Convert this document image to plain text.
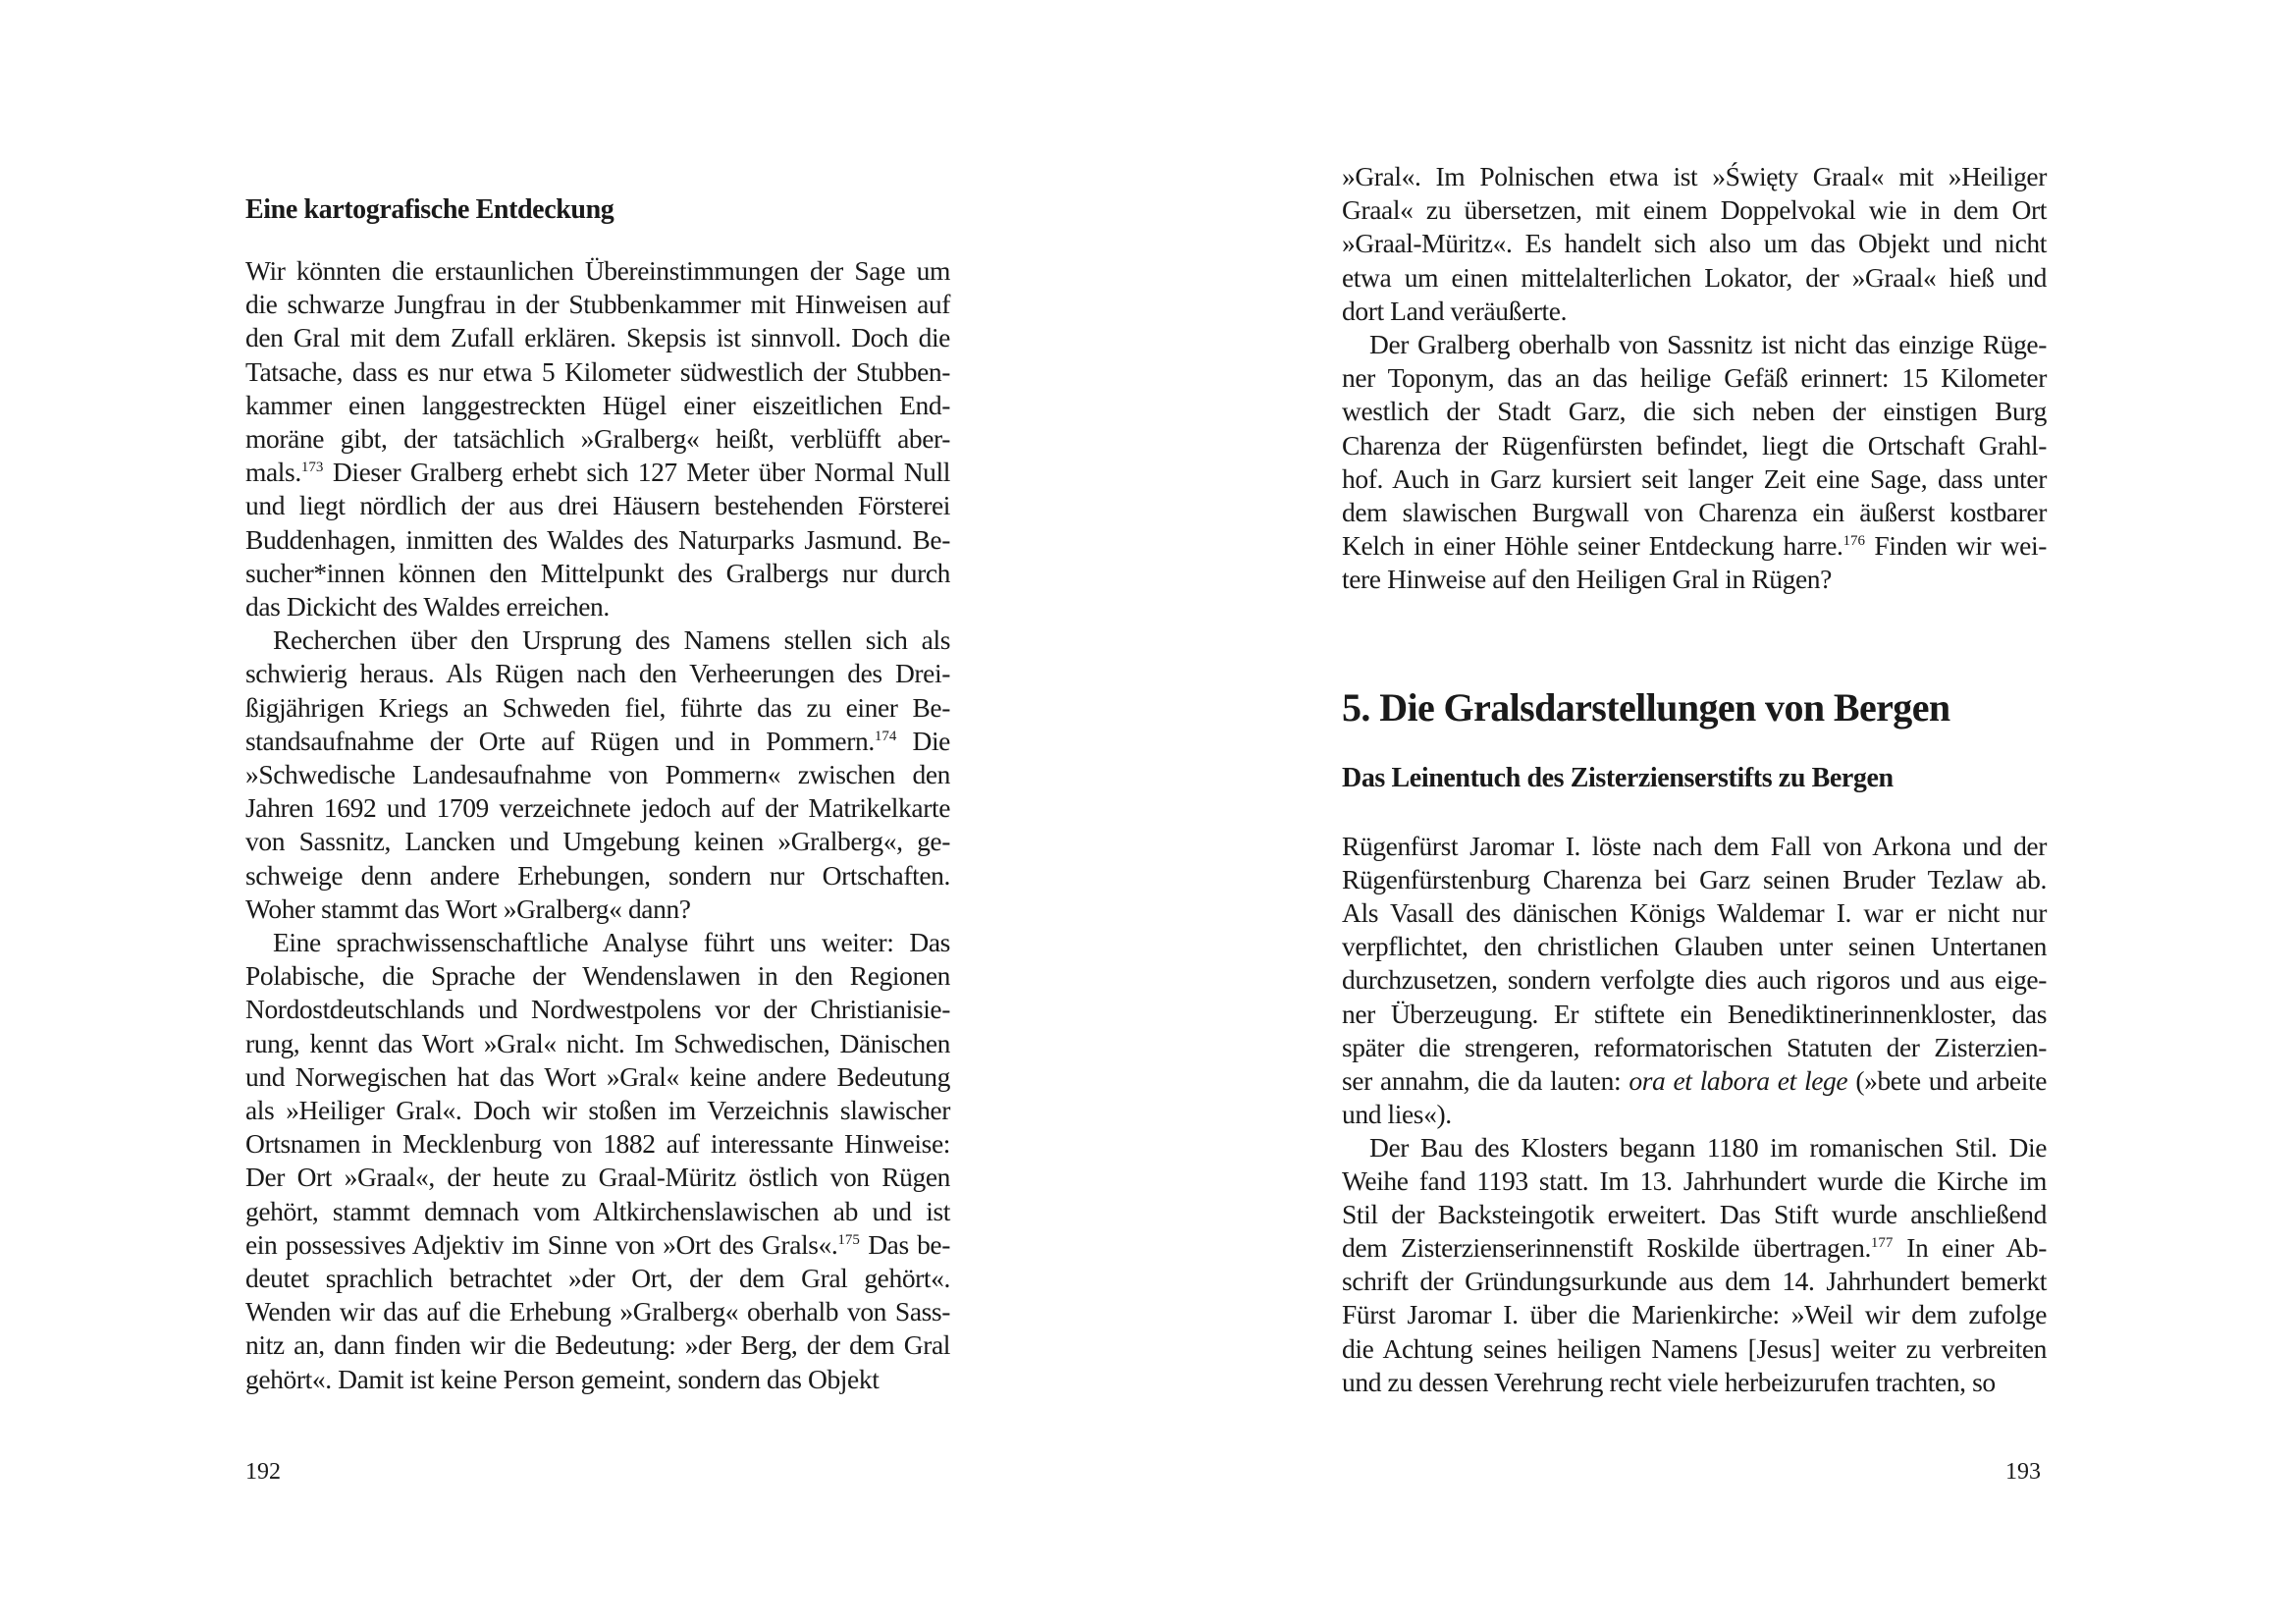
Eine kartografische Entdeckung
Wir könnten die erstaunlichen Übereinstimmungen der Sage um
die schwarze Jungfrau in der Stubbenkammer mit Hinweisen auf
den Gral mit dem Zufall erklären. Skepsis ist sinnvoll. Doch die
Tatsache, dass es nur etwa 5 Kilometer südwestlich der Stubben-
kammer einen langgestreckten Hügel einer eiszeitlichen End-
moräne gibt, der tatsächlich »Gralberg« heißt, verblüfft aber-
mals.$^{173}$ Dieser Gralberg erhebt sich 127 Meter über Normal Null
und liegt nördlich der aus drei Häusern bestehenden Försterei
Buddenhagen, inmitten des Waldes des Naturparks Jasmund. Be-
sucher*innen können den Mittelpunkt des Gralbergs nur durch
das Dickicht des Waldes erreichen.
Recherchen über den Ursprung des Namens stellen sich als
schwierig heraus. Als Rügen nach den Verheerungen des Drei-
ßigjährigen Kriegs an Schweden fiel, führte das zu einer Be-
standsaufnahme der Orte auf Rügen und in Pommern.$^{174}$ Die
»Schwedische Landesaufnahme von Pommern« zwischen den
Jahren 1692 und 1709 verzeichnete jedoch auf der Matrikelkarte
von Sassnitz, Lancken und Umgebung keinen »Gralberg«, ge-
schweige denn andere Erhebungen, sondern nur Ortschaften.
Woher stammt das Wort »Gralberg« dann?
Eine sprachwissenschaftliche Analyse führt uns weiter: Das
Polabische, die Sprache der Wendenslawen in den Regionen
Nordostdeutschlands und Nordwestpolens vor der Christianisie-
rung, kennt das Wort »Gral« nicht. Im Schwedischen, Dänischen
und Norwegischen hat das Wort »Gral« keine andere Bedeutung
als »Heiliger Gral«. Doch wir stoßen im Verzeichnis slawischer
Ortsnamen in Mecklenburg von 1882 auf interessante Hinweise:
Der Ort »Graal«, der heute zu Graal-Müritz östlich von Rügen
gehört, stammt demnach vom Altkirchenslawischen ab und ist
ein possessives Adjektiv im Sinne von »Ort des Grals«.$^{175}$ Das be-
deutet sprachlich betrachtet »der Ort, der dem Gral gehört«.
Wenden wir das auf die Erhebung »Gralberg« oberhalb von Sass-
nitz an, dann finden wir die Bedeutung: »der Berg, der dem Gral
gehört«. Damit ist keine Person gemeint, sondern das Objekt
192
»Gral«. Im Polnischen etwa ist »Święty Graal« mit »Heiliger
Graal« zu übersetzen, mit einem Doppelvokal wie in dem Ort
»Graal-Müritz«. Es handelt sich also um das Objekt und nicht
etwa um einen mittelalterlichen Lokator, der »Graal« hieß und
dort Land veräußerte.
Der Gralberg oberhalb von Sassnitz ist nicht das einzige Rüge-
ner Toponym, das an das heilige Gefäß erinnert: 15 Kilometer
westlich der Stadt Garz, die sich neben der einstigen Burg
Charenza der Rügenfürsten befindet, liegt die Ortschaft Grahl-
hof. Auch in Garz kursiert seit langer Zeit eine Sage, dass unter
dem slawischen Burgwall von Charenza ein äußerst kostbarer
Kelch in einer Höhle seiner Entdeckung harre.$^{176}$ Finden wir wei-
tere Hinweise auf den Heiligen Gral in Rügen?
5. Die Gralsdarstellungen von Bergen
Das Leinentuch des Zisterzienserstifts zu Bergen
Rügenfürst Jaromar I. löste nach dem Fall von Arkona und der
Rügenfürstenburg Charenza bei Garz seinen Bruder Tezlaw ab.
Als Vasall des dänischen Königs Waldemar I. war er nicht nur
verpflichtet, den christlichen Glauben unter seinen Untertanen
durchzusetzen, sondern verfolgte dies auch rigoros und aus eige-
ner Überzeugung. Er stiftete ein Benediktinerinnenkloster, das
später die strengeren, reformatorischen Statuten der Zisterzien-
ser annahm, die da lauten: ora et labora et lege (»bete und arbeite
und lies«).
Der Bau des Klosters begann 1180 im romanischen Stil. Die
Weihe fand 1193 statt. Im 13. Jahrhundert wurde die Kirche im
Stil der Backsteingotik erweitert. Das Stift wurde anschließend
dem Zisterzienserinnenstift Roskilde übertragen.$^{177}$ In einer Ab-
schrift der Gründungsurkunde aus dem 14. Jahrhundert bemerkt
Fürst Jaromar I. über die Marienkirche: »Weil wir dem zufolge
die Achtung seines heiligen Namens [Jesus] weiter zu verbreiten
und zu dessen Verehrung recht viele herbeizurufen trachten, so
193
